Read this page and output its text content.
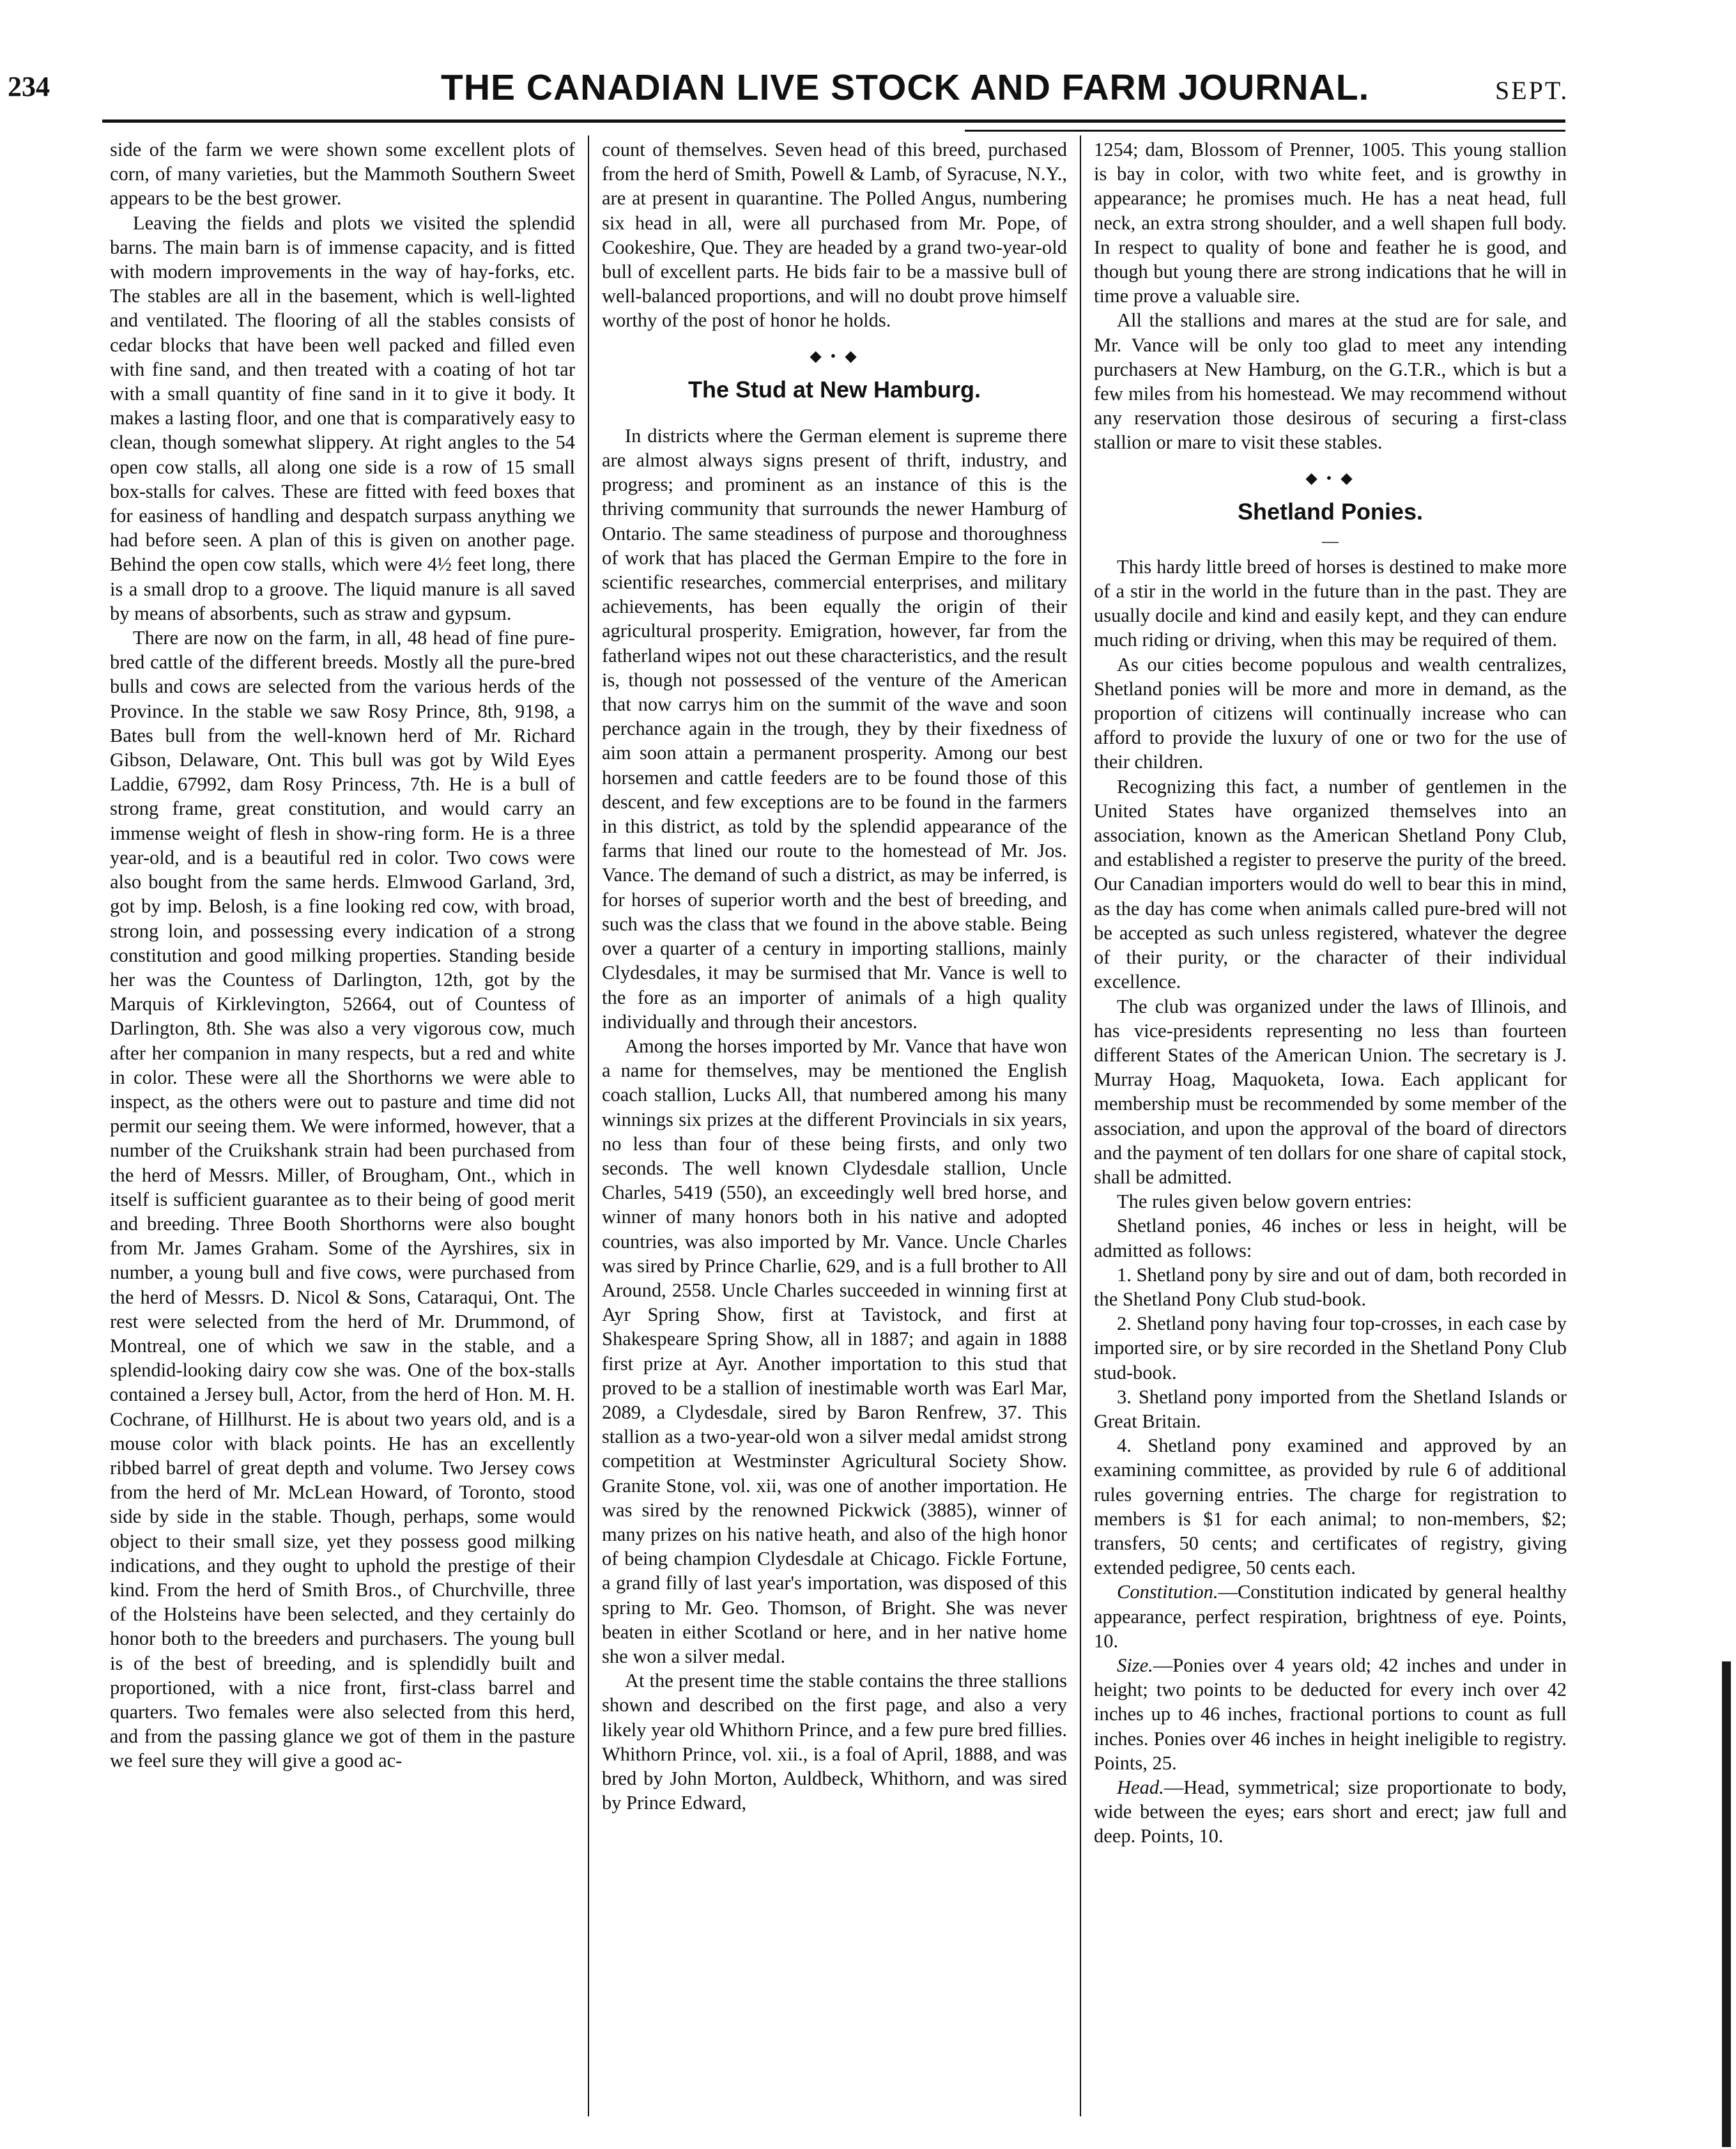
234	THE CANADIAN LIVE STOCK AND FARM JOURNAL.	SEPT.

side of the farm we were shown some excellent plots of corn, of many varieties, but the Mammoth Southern Sweet appears to be the best grower.

Leaving the fields and plots we visited the splendid barns. The main barn is of immense capacity, and is fitted with modern improvements in the way of hay-forks, etc. The stables are all in the basement, which is well-lighted and ventilated. The flooring of all the stables consists of cedar blocks that have been well packed and filled even with fine sand, and then treated with a coating of hot tar with a small quantity of fine sand in it to give it body. It makes a lasting floor, and one that is comparatively easy to clean, though somewhat slippery. At right angles to the 54 open cow stalls, all along one side is a row of 15 small box-stalls for calves. These are fitted with feed boxes that for easiness of handling and despatch surpass anything we had before seen. A plan of this is given on another page. Behind the open cow stalls, which were 4½ feet long, there is a small drop to a groove. The liquid manure is all saved by means of absorbents, such as straw and gypsum.

There are now on the farm, in all, 48 head of fine pure-bred cattle of the different breeds. Mostly all the pure-bred bulls and cows are selected from the various herds of the Province. In the stable we saw Rosy Prince, 8th, 9198, a Bates bull from the well-known herd of Mr. Richard Gibson, Delaware, Ont. This bull was got by Wild Eyes Laddie, 67992, dam Rosy Princess, 7th. He is a bull of strong frame, great constitution, and would carry an immense weight of flesh in show-ring form. He is a three year-old, and is a beautiful red in color. Two cows were also bought from the same herds. Elmwood Garland, 3rd, got by imp. Belosh, is a fine looking red cow, with broad, strong loin, and possessing every indication of a strong constitution and good milking properties. Standing beside her was the Countess of Darlington, 12th, got by the Marquis of Kirklevington, 52664, out of Countess of Darlington, 8th. She was also a very vigorous cow, much after her companion in many respects, but a red and white in color. These were all the Shorthorns we were able to inspect, as the others were out to pasture and time did not permit our seeing them. We were informed, however, that a number of the Cruikshank strain had been purchased from the herd of Messrs. Miller, of Brougham, Ont., which in itself is sufficient guarantee as to their being of good merit and breeding. Three Booth Shorthorns were also bought from Mr. James Graham. Some of the Ayrshires, six in number, a young bull and five cows, were purchased from the herd of Messrs. D. Nicol & Sons, Cataraqui, Ont. The rest were selected from the herd of Mr. Drummond, of Montreal, one of which we saw in the stable, and a splendid-looking dairy cow she was. One of the box-stalls contained a Jersey bull, Actor, from the herd of Hon. M. H. Cochrane, of Hillhurst. He is about two years old, and is a mouse color with black points. He has an excellently ribbed barrel of great depth and volume. Two Jersey cows from the herd of Mr. McLean Howard, of Toronto, stood side by side in the stable. Though, perhaps, some would object to their small size, yet they possess good milking indications, and they ought to uphold the prestige of their kind. From the herd of Smith Bros., of Churchville, three of the Holsteins have been selected, and they certainly do honor both to the breeders and purchasers. The young bull is of the best of breeding, and is splendidly built and proportioned, with a nice front, first-class barrel and quarters. Two females were also selected from this herd, and from the passing glance we got of them in the pasture we feel sure they will give a good ac-

count of themselves. Seven head of this breed, purchased from the herd of Smith, Powell & Lamb, of Syracuse, N.Y., are at present in quarantine. The Polled Angus, numbering six head in all, were all purchased from Mr. Pope, of Cookeshire, Que. They are headed by a grand two-year-old bull of excellent parts. He bids fair to be a massive bull of well-balanced proportions, and will no doubt prove himself worthy of the post of honor he holds.

◆ • ◆
The Stud at New Hamburg.

In districts where the German element is supreme there are almost always signs present of thrift, industry, and progress; and prominent as an instance of this is the thriving community that surrounds the newer Hamburg of Ontario. The same steadiness of purpose and thoroughness of work that has placed the German Empire to the fore in scientific researches, commercial enterprises, and military achievements, has been equally the origin of their agricultural prosperity. Emigration, however, far from the fatherland wipes not out these characteristics, and the result is, though not possessed of the venture of the American that now carrys him on the summit of the wave and soon perchance again in the trough, they by their fixedness of aim soon attain a permanent prosperity. Among our best horsemen and cattle feeders are to be found those of this descent, and few exceptions are to be found in the farmers in this district, as told by the splendid appearance of the farms that lined our route to the homestead of Mr. Jos. Vance. The demand of such a district, as may be inferred, is for horses of superior worth and the best of breeding, and such was the class that we found in the above stable. Being over a quarter of a century in importing stallions, mainly Clydesdales, it may be surmised that Mr. Vance is well to the fore as an importer of animals of a high quality individually and through their ancestors.

Among the horses imported by Mr. Vance that have won a name for themselves, may be mentioned the English coach stallion, Lucks All, that numbered among his many winnings six prizes at the different Provincials in six years, no less than four of these being firsts, and only two seconds. The well known Clydesdale stallion, Uncle Charles, 5419 (550), an exceedingly well bred horse, and winner of many honors both in his native and adopted countries, was also imported by Mr. Vance. Uncle Charles was sired by Prince Charlie, 629, and is a full brother to All Around, 2558. Uncle Charles succeeded in winning first at Ayr Spring Show, first at Tavistock, and first at Shakespeare Spring Show, all in 1887; and again in 1888 first prize at Ayr. Another importation to this stud that proved to be a stallion of inestimable worth was Earl Mar, 2089, a Clydesdale, sired by Baron Renfrew, 37. This stallion as a two-year-old won a silver medal amidst strong competition at Westminster Agricultural Society Show. Granite Stone, vol. xii, was one of another importation. He was sired by the renowned Pickwick (3885), winner of many prizes on his native heath, and also of the high honor of being champion Clydesdale at Chicago. Fickle Fortune, a grand filly of last year's importation, was disposed of this spring to Mr. Geo. Thomson, of Bright. She was never beaten in either Scotland or here, and in her native home she won a silver medal.

At the present time the stable contains the three stallions shown and described on the first page, and also a very likely year old Whithorn Prince, and a few pure bred fillies. Whithorn Prince, vol. xii., is a foal of April, 1888, and was bred by John Morton, Auldbeck, Whithorn, and was sired by Prince Edward,

1254; dam, Blossom of Prenner, 1005. This young stallion is bay in color, with two white feet, and is growthy in appearance; he promises much. He has a neat head, full neck, an extra strong shoulder, and a well shapen full body. In respect to quality of bone and feather he is good, and though but young there are strong indications that he will in time prove a valuable sire.

All the stallions and mares at the stud are for sale, and Mr. Vance will be only too glad to meet any intending purchasers at New Hamburg, on the G.T.R., which is but a few miles from his homestead. We may recommend without any reservation those desirous of securing a first-class stallion or mare to visit these stables.

◆ • ◆
Shetland Ponies.
—

This hardy little breed of horses is destined to make more of a stir in the world in the future than in the past. They are usually docile and kind and easily kept, and they can endure much riding or driving, when this may be required of them.

As our cities become populous and wealth centralizes, Shetland ponies will be more and more in demand, as the proportion of citizens will continually increase who can afford to provide the luxury of one or two for the use of their children.

Recognizing this fact, a number of gentlemen in the United States have organized themselves into an association, known as the American Shetland Pony Club, and established a register to preserve the purity of the breed. Our Canadian importers would do well to bear this in mind, as the day has come when animals called pure-bred will not be accepted as such unless registered, whatever the degree of their purity, or the character of their individual excellence.

The club was organized under the laws of Illinois, and has vice-presidents representing no less than fourteen different States of the American Union. The secretary is J. Murray Hoag, Maquoketa, Iowa. Each applicant for membership must be recommended by some member of the association, and upon the approval of the board of directors and the payment of ten dollars for one share of capital stock, shall be admitted.

The rules given below govern entries:

Shetland ponies, 46 inches or less in height, will be admitted as follows:

1. Shetland pony by sire and out of dam, both recorded in the Shetland Pony Club stud-book.

2. Shetland pony having four top-crosses, in each case by imported sire, or by sire recorded in the Shetland Pony Club stud-book.

3. Shetland pony imported from the Shetland Islands or Great Britain.

4. Shetland pony examined and approved by an examining committee, as provided by rule 6 of additional rules governing entries. The charge for registration to members is $1 for each animal; to non-members, $2; transfers, 50 cents; and certificates of registry, giving extended pedigree, 50 cents each.

Constitution.—Constitution indicated by general healthy appearance, perfect respiration, brightness of eye. Points, 10.

Size.—Ponies over 4 years old; 42 inches and under in height; two points to be deducted for every inch over 42 inches up to 46 inches, fractional portions to count as full inches. Ponies over 46 inches in height ineligible to registry. Points, 25.

Head.—Head, symmetrical; size proportionate to body, wide between the eyes; ears short and erect; jaw full and deep. Points, 10.
